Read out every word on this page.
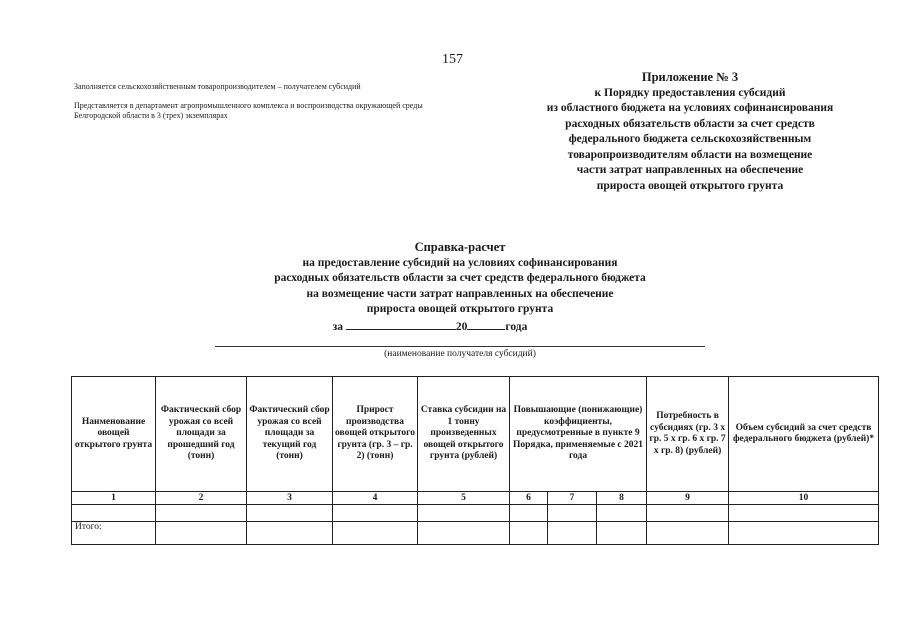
157
Заполняется сельскохозяйственным товаропроизводителем – получателем субсидий
Представляется в департамент агропромышленного комплекса и воспроизводства окружающей среды Белгородской области в 3 (трех) экземплярах
Приложение № 3
к Порядку предоставления субсидий
из областного бюджета на условиях софинансирования
расходных обязательств области за счет средств
федерального бюджета сельскохозяйственным
товаропроизводителям области на возмещение
части затрат направленных на обеспечение
прироста овощей открытого грунта
Справка-расчет
на предоставление субсидий на условиях софинансирования
расходных обязательств области за счет средств федерального бюджета
на возмещение части затрат направленных на обеспечение
прироста овощей открытого грунта
за	20	года
(наименование получателя субсидий)
Наименование овощей открытого грунта	Фактический сбор урожая со всей площади за прошедший год (тонн)	Фактический сбор урожая со всей площади за текущий год (тонн)	Прирост производства овощей открытого грунта (гр. 3 – гр. 2) (тонн)	Ставка субсидии на 1 тонну произведенных овощей открытого грунта (рублей)	Повышающие (понижающие) коэффициенты, предусмотренные в пункте 9 Порядка, применяемые с 2021 года			Потребность в субсидиях (гр. 3 х гр. 5 х гр. 6 х гр. 7 х гр. 8) (рублей)	Объем субсидий за счет средств федерального бюджета (рублей)*

1	2	3	4	5	6	7	8	9	10

Итого:									
